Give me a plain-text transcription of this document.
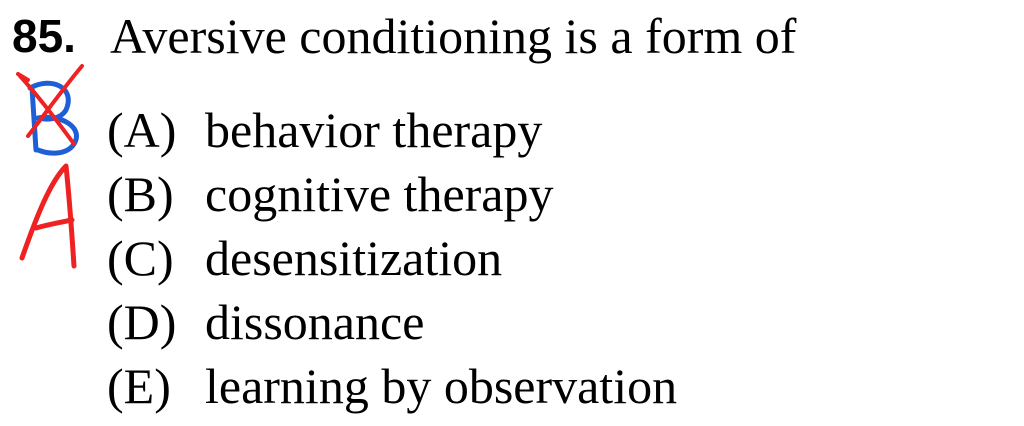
85. Aversive conditioning is a form of
(A) behavior therapy
(B) cognitive therapy
(C) desensitization
(D) dissonance
(E) learning by observation
